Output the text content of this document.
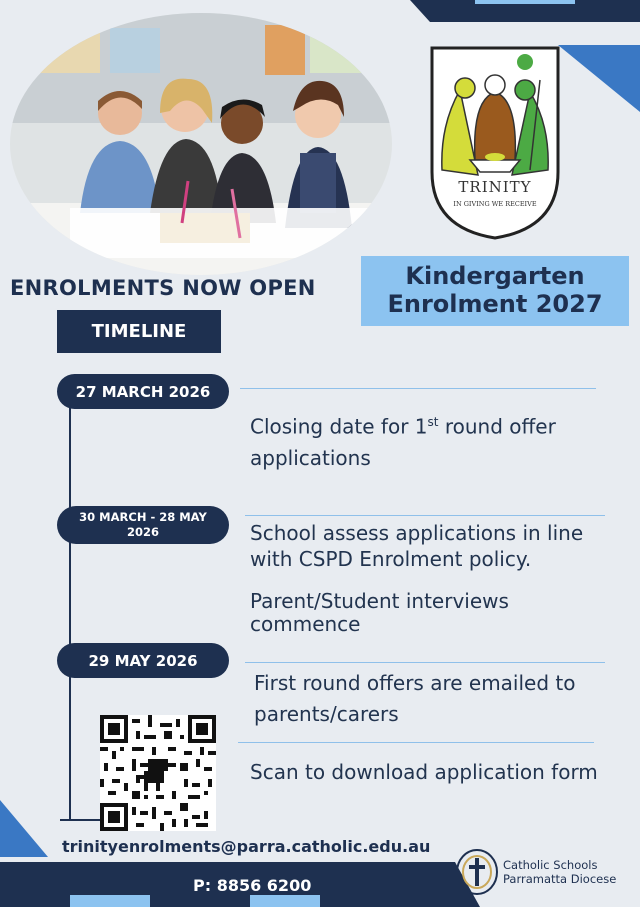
TRINITY
IN GIVING WE RECEIVE
ENROLMENTS NOW OPEN	Kindergarten
Enrolment 2027
TIMELINE
27 MARCH 2026
Closing date for 1st round offer applications
30 MARCH - 28 MAY
2026	School assess applications in line with CSPD Enrolment policy.
Parent/Student interviews commence
29 MAY 2026
First round offers are emailed to parents/carers
Scan to download application form
trinityenrolments@parra.catholic.edu.au
P: 8856 6200
Catholic Schools
Parramatta Diocese
